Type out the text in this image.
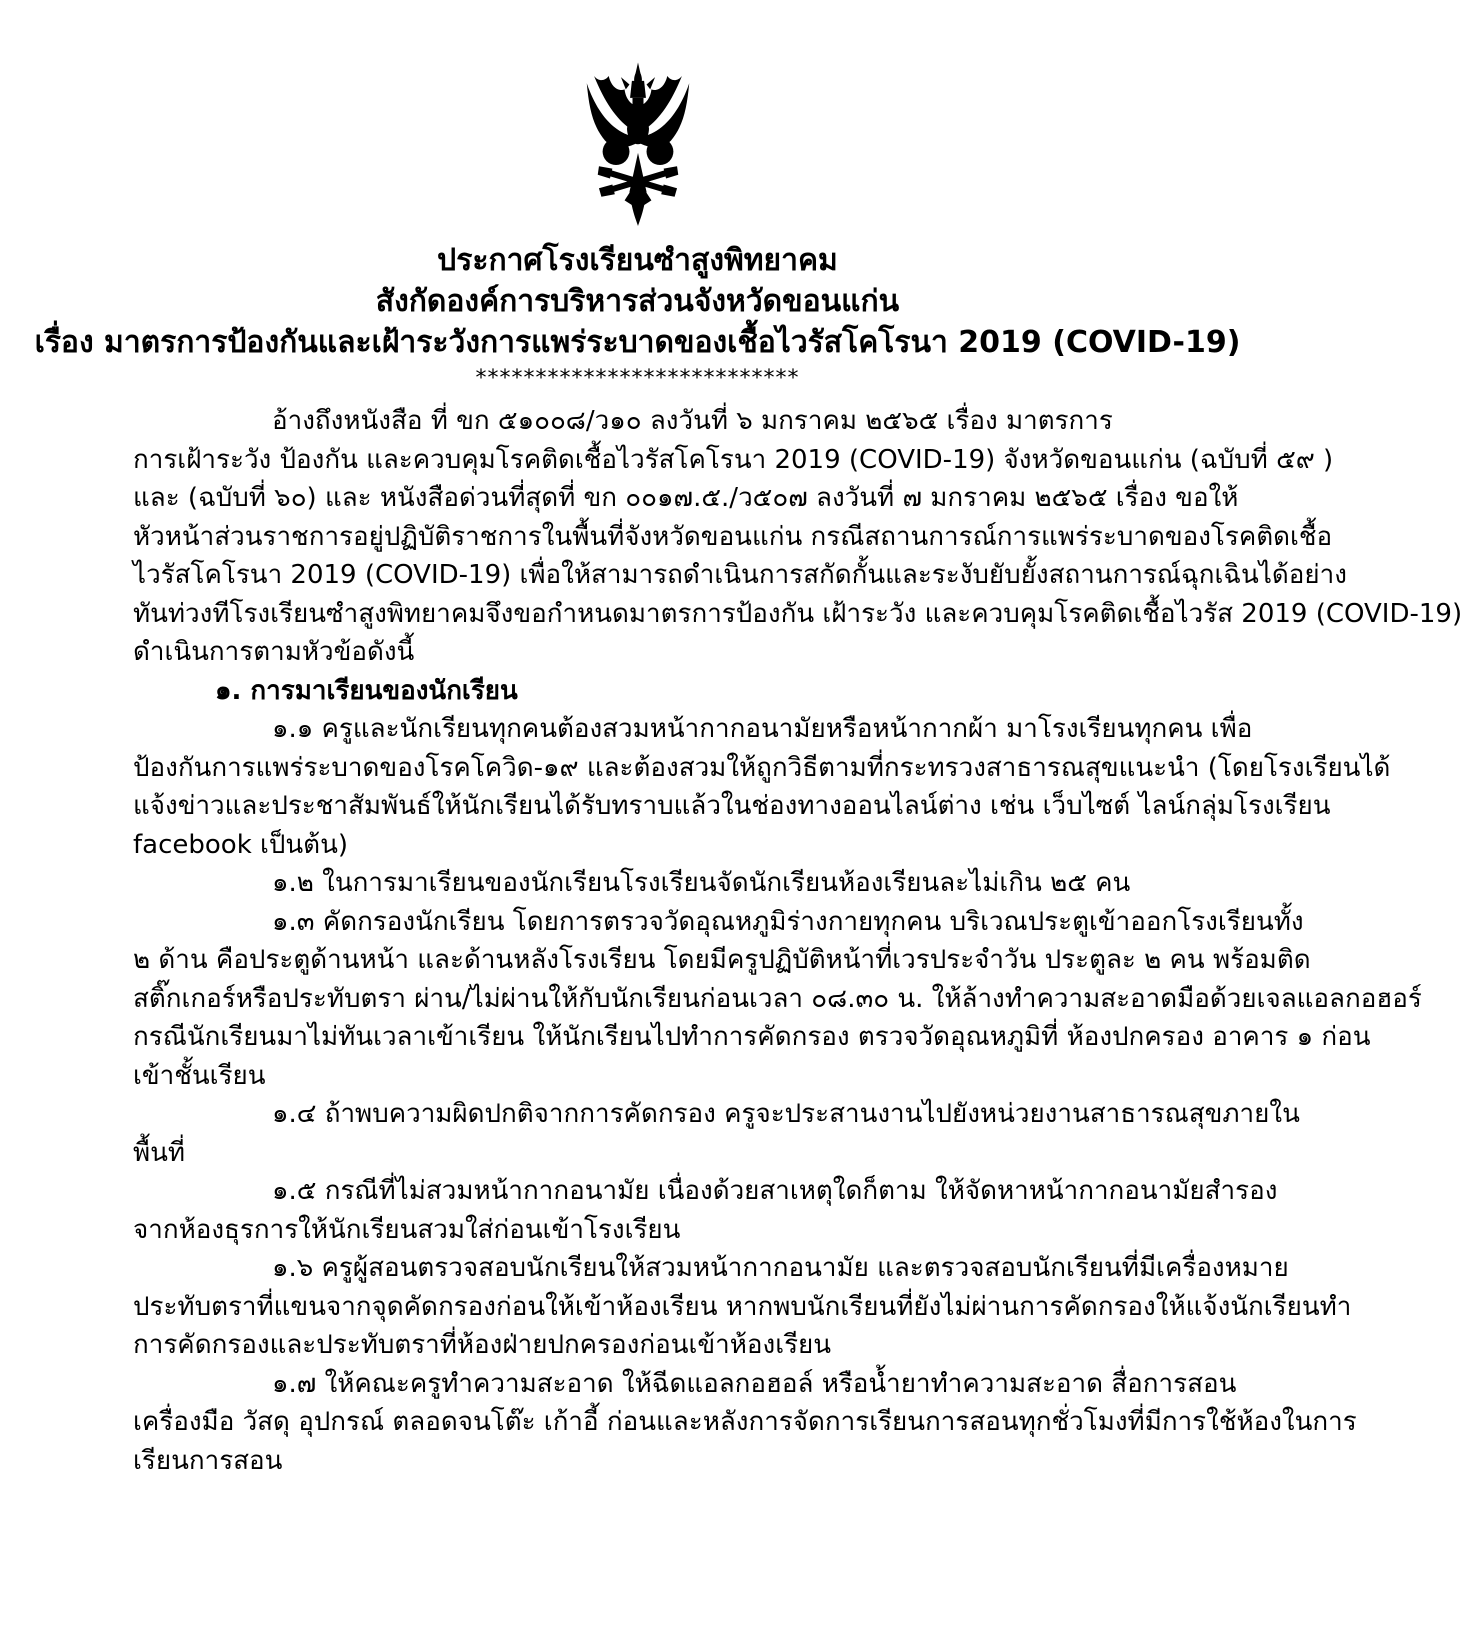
ประกาศโรงเรียนซำสูงพิทยาคม
สังกัดองค์การบริหารส่วนจังหวัดขอนแก่น
เรื่อง มาตรการป้องกันและเฝ้าระวังการแพร่ระบาดของเชื้อไวรัสโคโรนา 2019 (COVID-19)
***************************
อ้างถึงหนังสือ ที่ ขก ๕๑๐๐๘/ว๑๐ ลงวันที่ ๖ มกราคม ๒๕๖๕ เรื่อง มาตรการ
การเฝ้าระวัง ป้องกัน และควบคุมโรคติดเชื้อไวรัสโคโรนา 2019 (COVID-19) จังหวัดขอนแก่น (ฉบับที่ ๕๙ )
และ (ฉบับที่ ๖๐) และ หนังสือด่วนที่สุดที่ ขก ๐๐๑๗.๕./ว๕๐๗ ลงวันที่ ๗ มกราคม ๒๕๖๕ เรื่อง ขอให้
หัวหน้าส่วนราชการอยู่ปฏิบัติราชการในพื้นที่จังหวัดขอนแก่น กรณีสถานการณ์การแพร่ระบาดของโรคติดเชื้อ
ไวรัสโคโรนา 2019 (COVID-19) เพื่อให้สามารถดำเนินการสกัดกั้นและระงับยับยั้งสถานการณ์ฉุกเฉินได้อย่าง
ทันท่วงทีโรงเรียนซำสูงพิทยาคมจึงขอกำหนดมาตรการป้องกัน เฝ้าระวัง และควบคุมโรคติดเชื้อไวรัส 2019 (COVID-19)
ดำเนินการตามหัวข้อดังนี้
๑. การมาเรียนของนักเรียน
๑.๑ ครูและนักเรียนทุกคนต้องสวมหน้ากากอนามัยหรือหน้ากากผ้า มาโรงเรียนทุกคน เพื่อ
ป้องกันการแพร่ระบาดของโรคโควิด-๑๙ และต้องสวมให้ถูกวิธีตามที่กระทรวงสาธารณสุขแนะนำ (โดยโรงเรียนได้
แจ้งข่าวและประชาสัมพันธ์ให้นักเรียนได้รับทราบแล้วในช่องทางออนไลน์ต่าง เช่น เว็บไซต์ ไลน์กลุ่มโรงเรียน
facebook เป็นต้น)
๑.๒ ในการมาเรียนของนักเรียนโรงเรียนจัดนักเรียนห้องเรียนละไม่เกิน ๒๕ คน
๑.๓ คัดกรองนักเรียน โดยการตรวจวัดอุณหภูมิร่างกายทุกคน บริเวณประตูเข้าออกโรงเรียนทั้ง
๒ ด้าน คือประตูด้านหน้า และด้านหลังโรงเรียน โดยมีครูปฏิบัติหน้าที่เวรประจำวัน ประตูละ ๒ คน พร้อมติด
สติ๊กเกอร์หรือประทับตรา ผ่าน/ไม่ผ่านให้กับนักเรียนก่อนเวลา ๐๘.๓๐ น. ให้ล้างทำความสะอาดมือด้วยเจลแอลกอฮอร์
กรณีนักเรียนมาไม่ทันเวลาเข้าเรียน ให้นักเรียนไปทำการคัดกรอง ตรวจวัดอุณหภูมิที่ ห้องปกครอง อาคาร ๑ ก่อน
เข้าชั้นเรียน
๑.๔ ถ้าพบความผิดปกติจากการคัดกรอง ครูจะประสานงานไปยังหน่วยงานสาธารณสุขภายใน
พื้นที่
๑.๕ กรณีที่ไม่สวมหน้ากากอนามัย เนื่องด้วยสาเหตุใดก็ตาม ให้จัดหาหน้ากากอนามัยสำรอง
จากห้องธุรการให้นักเรียนสวมใส่ก่อนเข้าโรงเรียน
๑.๖ ครูผู้สอนตรวจสอบนักเรียนให้สวมหน้ากากอนามัย และตรวจสอบนักเรียนที่มีเครื่องหมาย
ประทับตราที่แขนจากจุดคัดกรองก่อนให้เข้าห้องเรียน หากพบนักเรียนที่ยังไม่ผ่านการคัดกรองให้แจ้งนักเรียนทำ
การคัดกรองและประทับตราที่ห้องฝ่ายปกครองก่อนเข้าห้องเรียน
๑.๗ ให้คณะครูทำความสะอาด ให้ฉีดแอลกอฮอล์ หรือน้ำยาทำความสะอาด สื่อการสอน
เครื่องมือ วัสดุ อุปกรณ์ ตลอดจนโต๊ะ เก้าอี้ ก่อนและหลังการจัดการเรียนการสอนทุกชั่วโมงที่มีการใช้ห้องในการ
เรียนการสอน
